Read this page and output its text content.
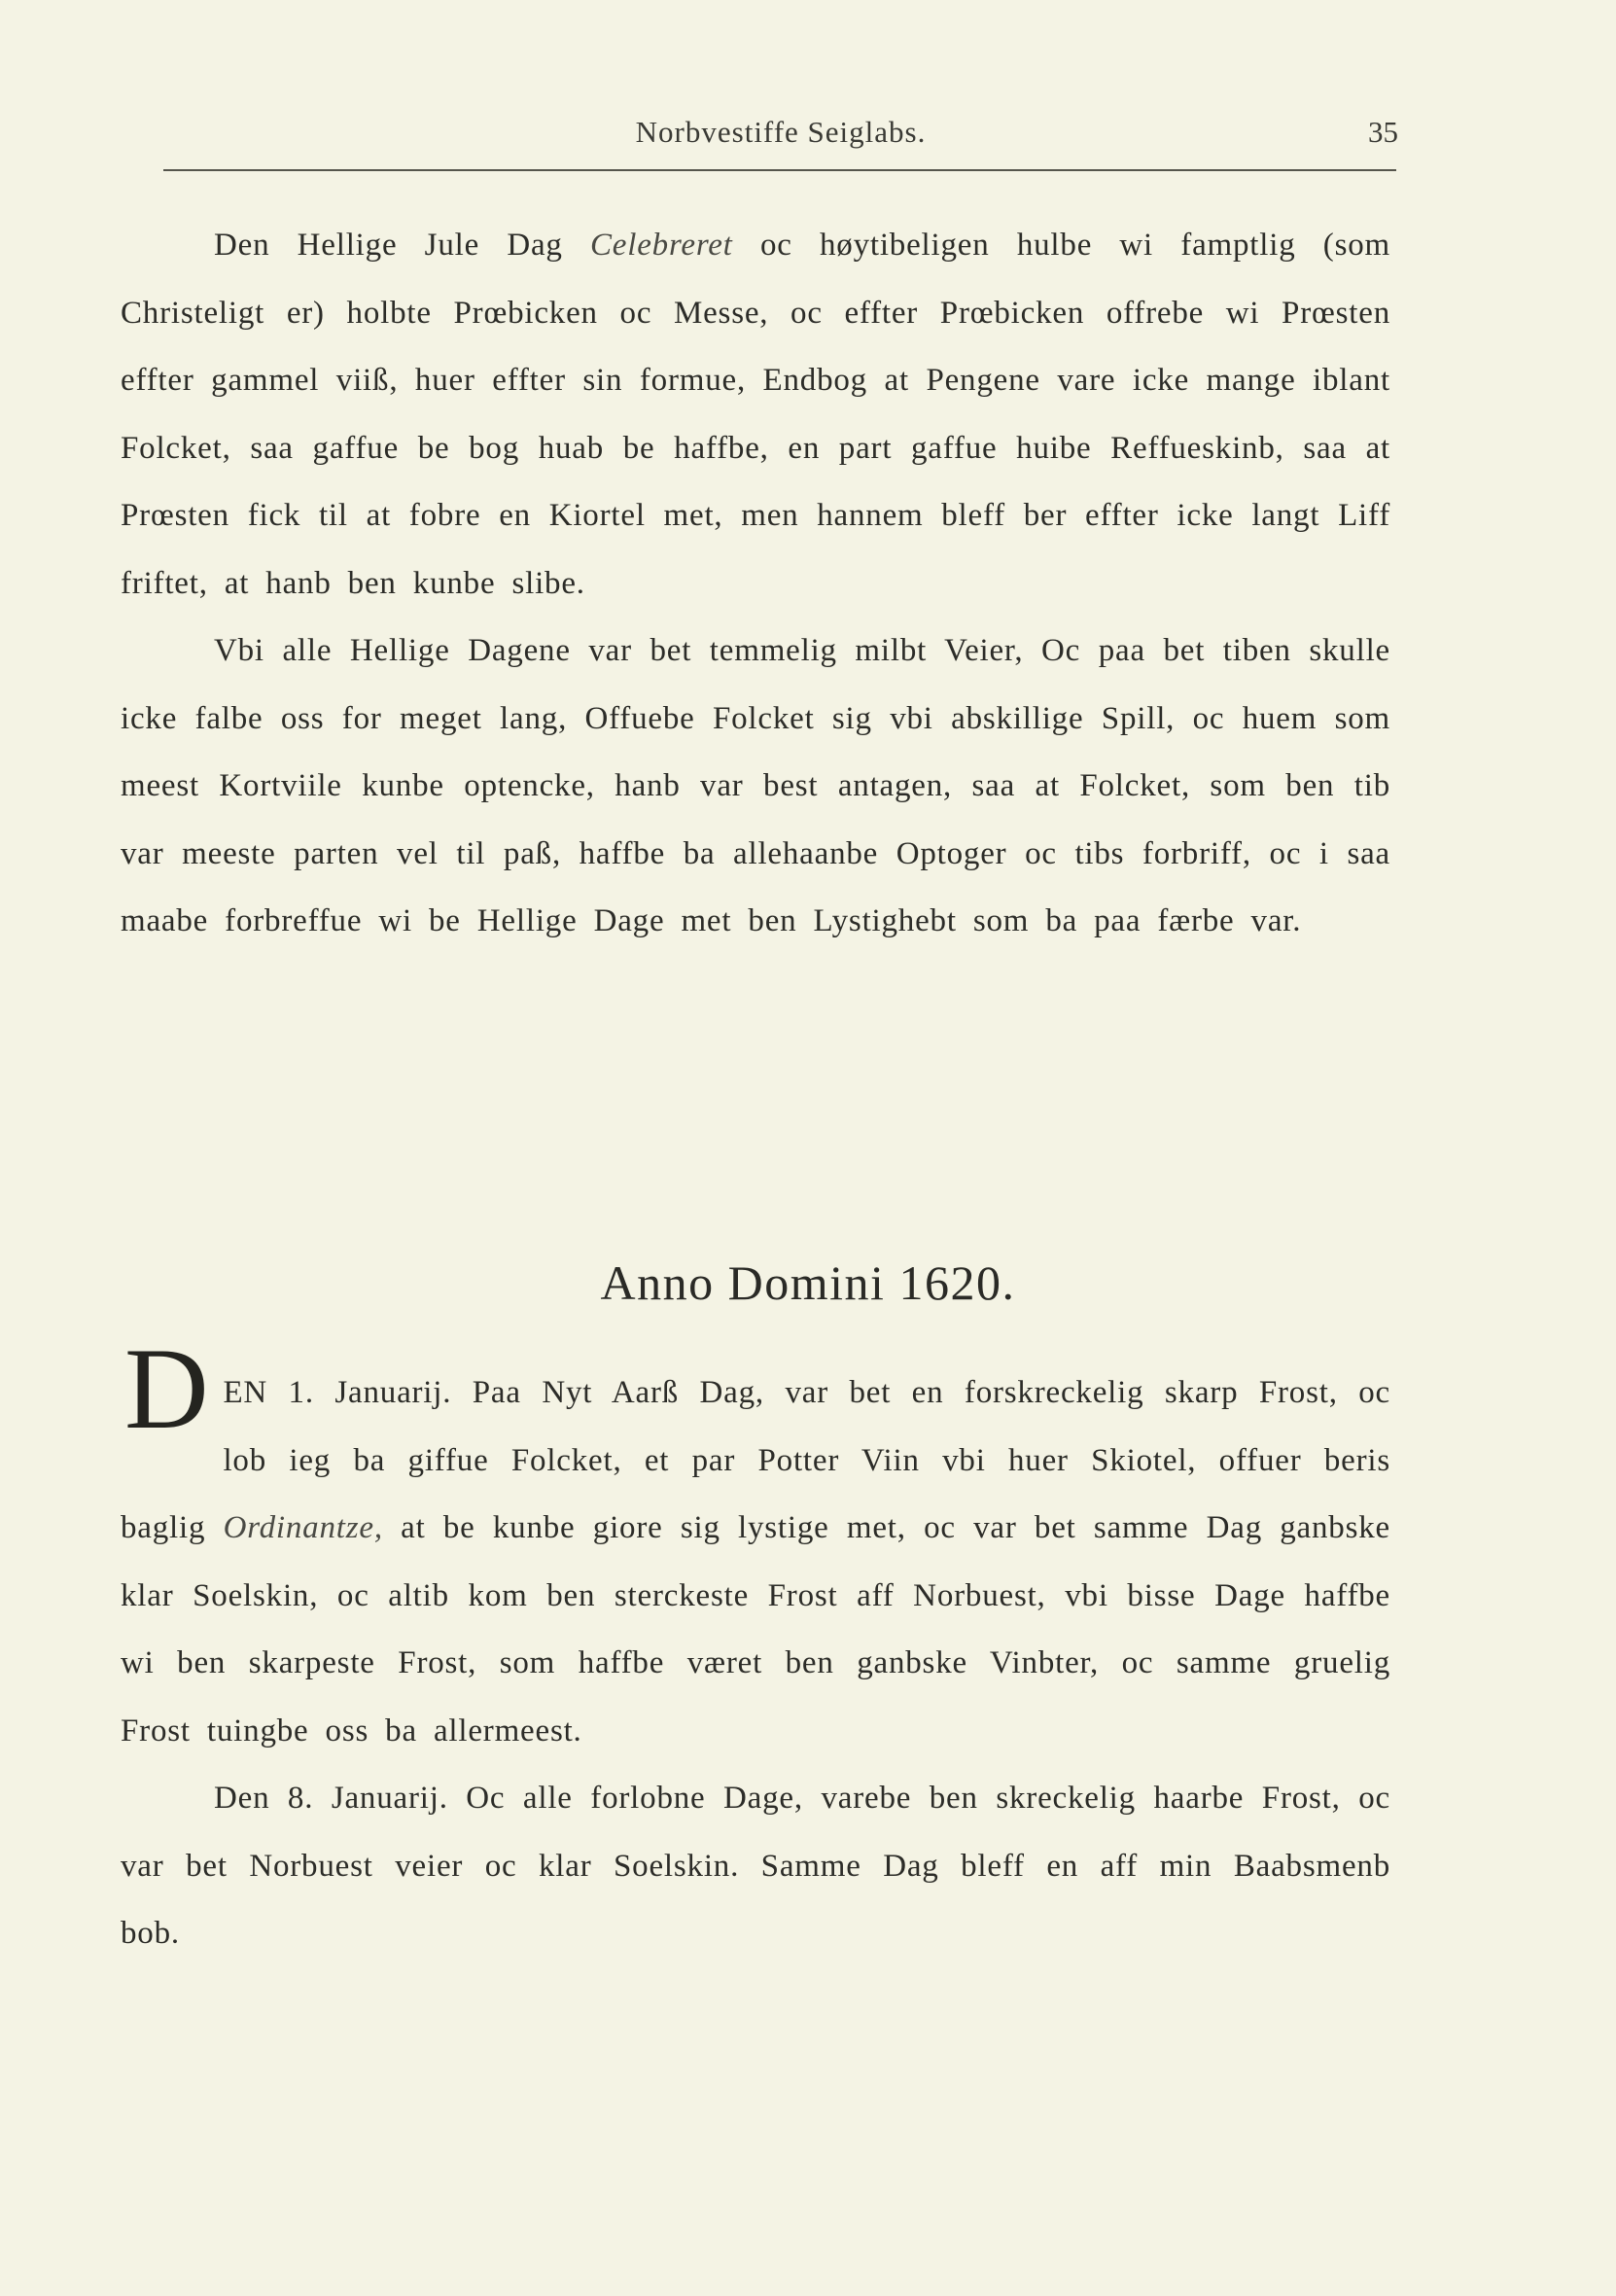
Norbvestiffe Seiglabs.	35

Den Hellige Jule Dag Celebreret oc høytibeligen hulbe wi famptlig (som Christeligt er) holbte Prœbicken oc Messe, oc effter Prœbicken offrebe wi Prœsten effter gammel viiß, huer effter sin formue, Endbog at Pengene vare icke mange iblant Folcket, saa gaffue be bog huab be haffbe, en part gaffue huibe Reffueskinb, saa at Prœsten fick til at fobre en Kiortel met, men hannem bleff ber effter icke langt Liff friftet, at hanb ben kunbe slibe.

Vbi alle Hellige Dagene var bet temmelig milbt Veier, Oc paa bet tiben skulle icke falbe oss for meget lang, Offuebe Folcket sig vbi abskillige Spill, oc huem som meest Kortviile kunbe optencke, hanb var best antagen, saa at Folcket, som ben tib var meeste parten vel til paß, haffbe ba allehaanbe Optoger oc tibs forbriff, oc i saa maabe forbreffue wi be Hellige Dage met ben Lystighebt som ba paa færbe var.

Anno Domini 1620.

DEN 1. Januarij. Paa Nyt Aarß Dag, var bet en forskreckelig skarp Frost, oc lob ieg ba giffue Folcket, et par Potter Viin vbi huer Skiotel, offuer beris baglig Ordinantze, at be kunbe giore sig lystige met, oc var bet samme Dag ganbske klar Soelskin, oc altib kom ben sterckeste Frost aff Norbuest, vbi bisse Dage haffbe wi ben skarpeste Frost, som haffbe været ben ganbske Vinbter, oc samme gruelig Frost tuingbe oss ba allermeest.

Den 8. Januarij. Oc alle forlobne Dage, varebe ben skreckelig haarbe Frost, oc var bet Norbuest veier oc klar Soelskin. Samme Dag bleff en aff min Baabsmenb bob.
